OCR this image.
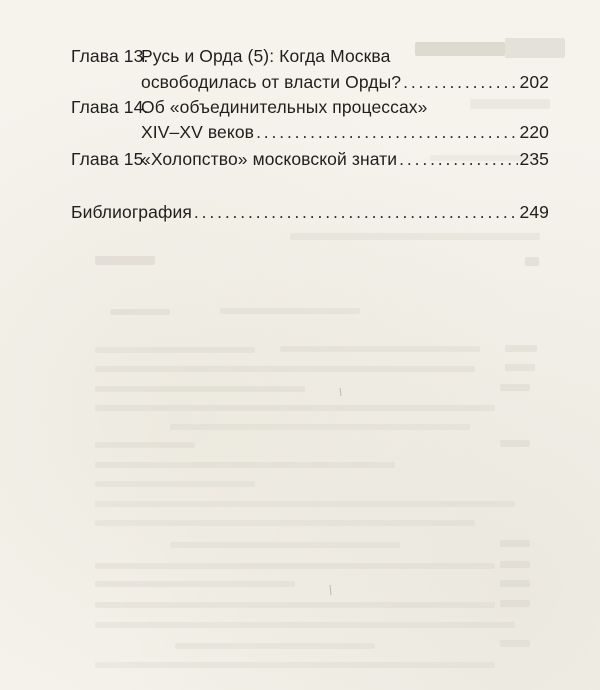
Глава 13.
Русь и Орда (5): Когда Москва
освободилась от власти Орды? . . .	202
Глава 14.
Об «объединительных процессах»
XIV–XV веков . . .	220
Глава 15.
«Холопство» московской знати . . .	235
Библиография . . .	249
